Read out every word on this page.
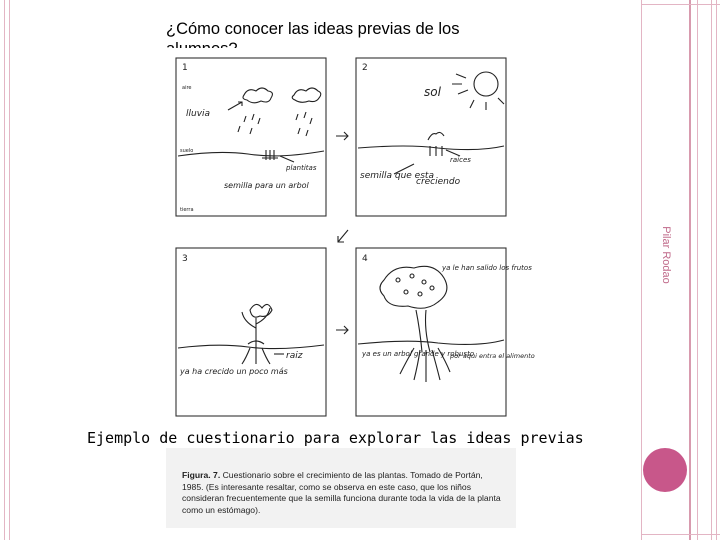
Pilar Rodao
¿Cómo conocer las ideas previas de los
1
aire
lluvia
suelo
plantitas
semilla para un arbol
tierra
2
sol
raices
semilla que esta
creciendo
3
raiz
ya ha crecido un poco más
4
ya le han salido los frutos
ya es un arbol grande y robusto
por aqui entra el alimento
Ejemplo de cuestionario para explorar las ideas previas
Figura. 7. Cuestionario sobre el crecimiento de las plantas. Tomado de Portán, 1985. (Es interesante resaltar, como se observa en este caso, que los niños consideran frecuentemente que la semilla funciona durante toda la vida de la planta como un estómago).
